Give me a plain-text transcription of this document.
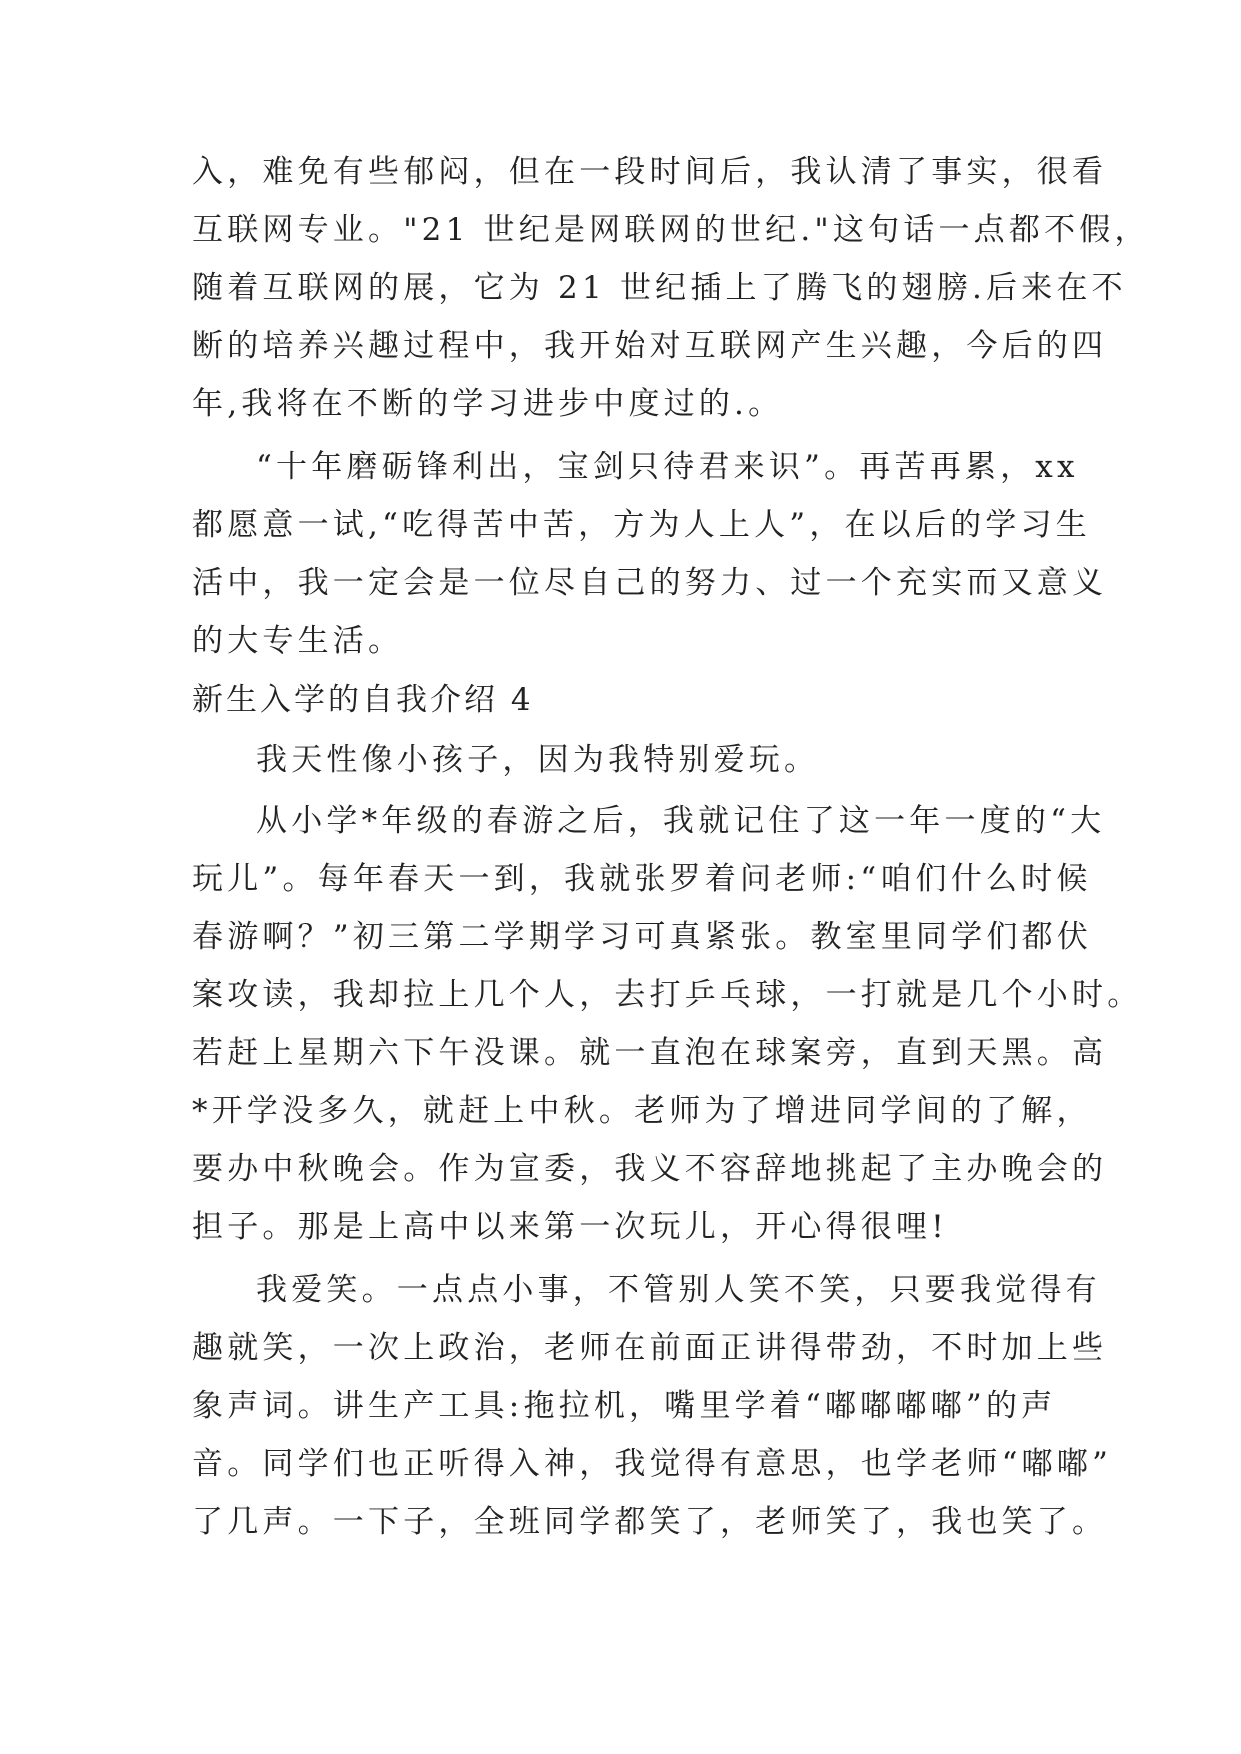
入，难免有些郁闷，但在一段时间后，我认清了事实，很看
互联网专业。"21 世纪是网联网的世纪."这句话一点都不假，
随着互联网的展，它为 21 世纪插上了腾飞的翅膀.后来在不
断的培养兴趣过程中，我开始对互联网产生兴趣，今后的四
年,我将在不断的学习进步中度过的.。
“十年磨砺锋利出，宝剑只待君来识”。再苦再累，xx
都愿意一试,“吃得苦中苦，方为人上人”，在以后的学习生
活中，我一定会是一位尽自己的努力、过一个充实而又意义
的大专生活。
新生入学的自我介绍 4
我天性像小孩子，因为我特别爱玩。
从小学*年级的春游之后，我就记住了这一年一度的“大
玩儿”。每年春天一到，我就张罗着问老师:“咱们什么时候
春游啊？”初三第二学期学习可真紧张。教室里同学们都伏
案攻读，我却拉上几个人，去打乒乓球，一打就是几个小时。
若赶上星期六下午没课。就一直泡在球案旁，直到天黑。高
*开学没多久，就赶上中秋。老师为了增进同学间的了解，
要办中秋晚会。作为宣委，我义不容辞地挑起了主办晚会的
担子。那是上高中以来第一次玩儿，开心得很哩!
我爱笑。一点点小事，不管别人笑不笑，只要我觉得有
趣就笑，一次上政治，老师在前面正讲得带劲，不时加上些
象声词。讲生产工具:拖拉机，嘴里学着“嘟嘟嘟嘟”的声
音。同学们也正听得入神，我觉得有意思，也学老师“嘟嘟”
了几声。一下子，全班同学都笑了，老师笑了，我也笑了。
